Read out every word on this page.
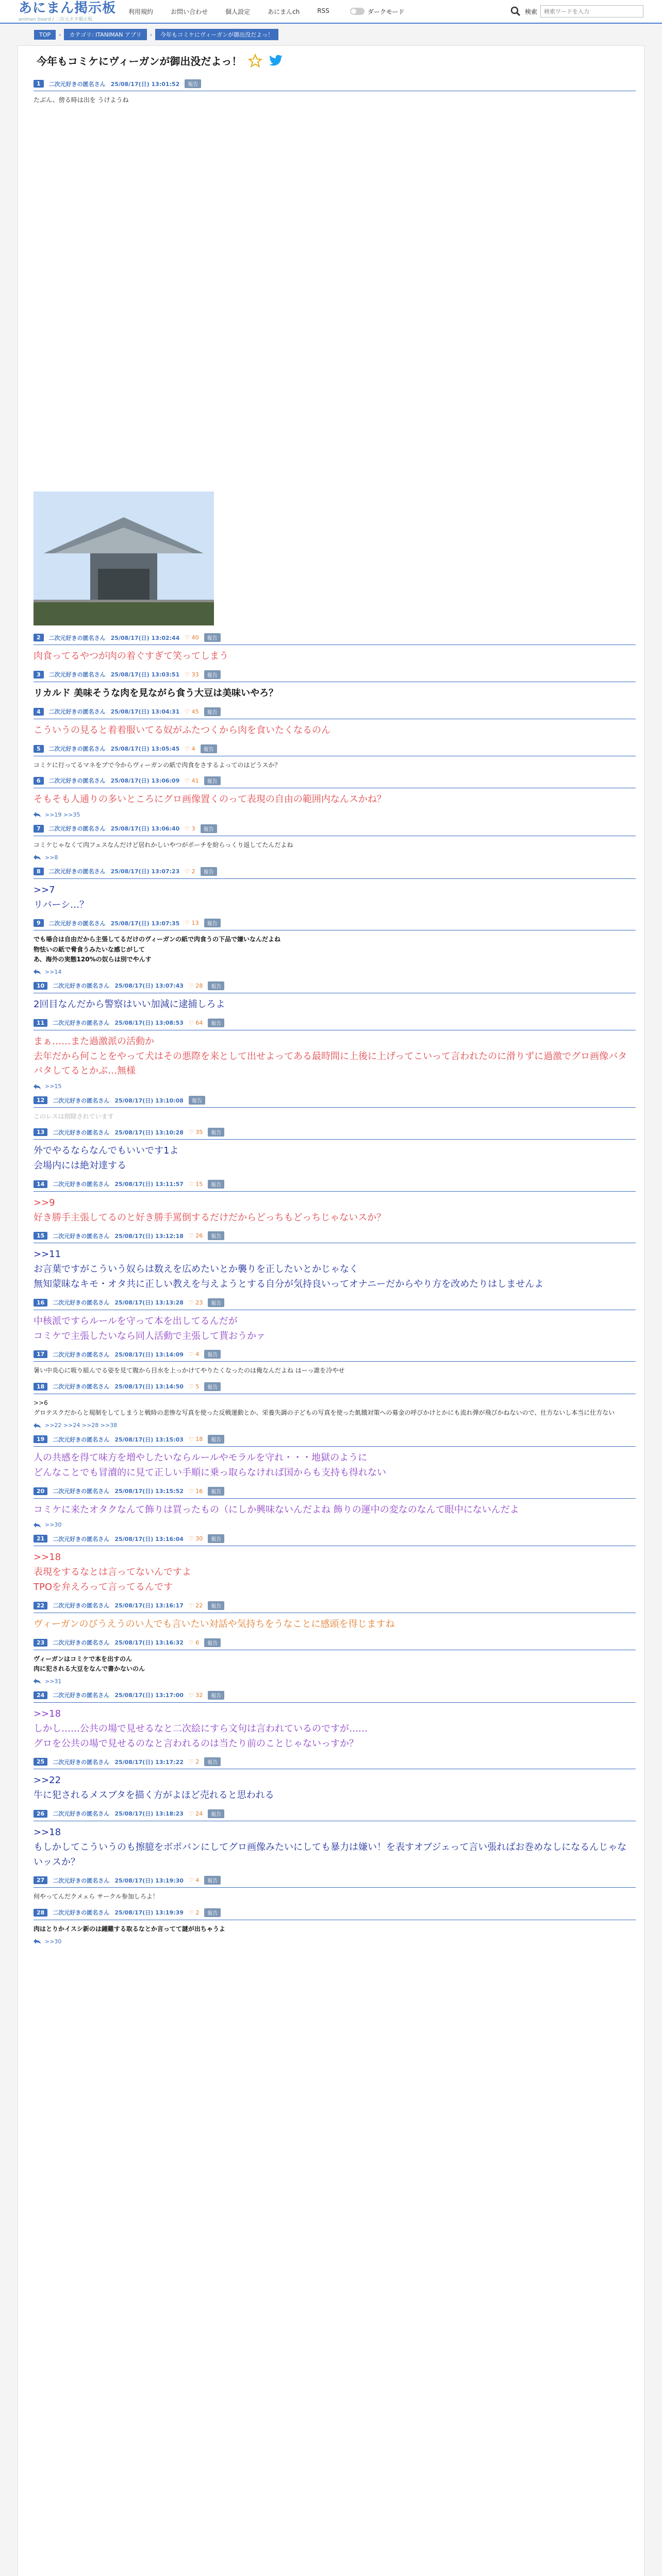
あにまん掲示板
animan board / 二次元ネタ掲示板
利用規約	お問い合わせ	個人設定	あにまんch	RSS	ダークモード	検索
検索ワードを入力
TOP	›	カテゴリ: ITANIMAN アプリ	›	今年もコミケにヴィーガンが御出没だよっ！
今年もコミケにヴィーガンが御出没だよっ！
1	二次元好きの匿名さん 25/08/17(日) 13:01:52	報告
たぶん、傍る時は出を うけようね
2	二次元好きの匿名さん 25/08/17(日) 13:02:44 ♡ 40	報告
肉食ってるやつが肉の着ぐすぎて笑ってしまう
3	二次元好きの匿名さん 25/08/17(日) 13:03:51 ♡ 33	報告
リカルド 美味そうな肉を見ながら食う大豆は美味いやろ？
4	二次元好きの匿名さん 25/08/17(日) 13:04:31 ♡ 45	報告
こういうの見ると着着服いてる奴がふたつくから肉を食いたくなるのん
5	二次元好きの匿名さん 25/08/17(日) 13:05:45 ♡ 4	報告
コミケに行ってるマネをプで今からヴィーガンの紙で肉食をさするよってのはどうスか？
6	二次元好きの匿名さん 25/08/17(日) 13:06:09 ♡ 41	報告
そもそも人通りの多いところにグロ画像置くのって表現の自由の範囲内なんスかね？
>>19 >>35
7	二次元好きの匿名さん 25/08/17(日) 13:06:40 ♡ 3	報告
コミケじゃなくて肉フェスなんだけど居れかしいやつがポーチを紛らっくり返してたんだよね
>>8
8	二次元好きの匿名さん 25/08/17(日) 13:07:23 ♡ 2	報告
>>7
リバーシ…？
9	二次元好きの匿名さん 25/08/17(日) 13:07:35 ♡ 13	報告
でも場合は自由だから主張してるだけのヴィーガンの紙で肉食うの下品で嫌いなんだよね
物怯いの紙で脅食うみたいな感じがして
あ、海外の実態120%の奴らは別でやんす
>>14
10	二次元好きの匿名さん 25/08/17(日) 13:07:43 ♡ 28	報告
2回目なんだから警察はいい加減に逮捕しろよ
11	二次元好きの匿名さん 25/08/17(日) 13:08:53 ♡ 64	報告
まぁ……また過激派の活動か
去年だから何ことをやって犬はその悪際を来として出せよってある最時間に上後に上げってこいって言われたのに滑りずに過激でグロ画像バタバタしてるとかぶ…無様
>>15
12	二次元好きの匿名さん 25/08/17(日) 13:10:08	報告
このレスは削除されています
13	二次元好きの匿名さん 25/08/17(日) 13:10:28 ♡ 35	報告
外でやるならなんでもいいです1よ
会場内には絶対達する
14	二次元好きの匿名さん 25/08/17(日) 13:11:57 ♡ 15	報告
>>9
好き勝手主張してるのと好き勝手罵倒するだけだからどっちもどっちじゃないスか？
15	二次元好きの匿名さん 25/08/17(日) 13:12:18 ♡ 26	報告
>>11
お言葉ですがこういう奴らは数えを広めたいとか襲りを正したいとかじゃなく
無知蒙昧なキモ・オタ共に正しい教えを与えようとする自分が気持良いってオナニーだからやり方を改めたりはしませんよ
16	二次元好きの匿名さん 25/08/17(日) 13:13:28 ♡ 23	報告
中核派ですらルールを守って本を出してるんだが
コミケで主張したいなら同人活動で主張して貰おうかァ
17	二次元好きの匿名さん 25/08/17(日) 13:14:09 ♡ 4	報告
暑い中炎心に吸り組んでる姿を見て腹から目水を上っかけてやりたくなったのは俺なんだよね はーっ誰を冷やせ
18	二次元好きの匿名さん 25/08/17(日) 13:14:50 ♡ 5	報告
>>6
グロテスクだからと規制をしてしまうと戦時の悲惨な写真を使った反戦運動とか、栄養失調の子どもの写真を使った飢餓対策への募金の呼びかけとかにも流れ弾が飛びかねないので、仕方ないし本当に仕方ない
>>22 >>24 >>28 >>38
19	二次元好きの匿名さん 25/08/17(日) 13:15:03 ♡ 18	報告
人の共感を得て味方を増やしたいならルールやモラルを守れ・・・地獄のように
どんなことでも冒瀆的に見て正しい手順に乗っ取らなければ国からも支持も得れない
20	二次元好きの匿名さん 25/08/17(日) 13:15:52 ♡ 16	報告
コミケに来たオタクなんて飾りは買ったもの（にしか興味ないんだよね 飾りの運中の変なのなんて眼中にないんだよ
>>30
21	二次元好きの匿名さん 25/08/17(日) 13:16:04 ♡ 30	報告
>>18
表現をするなとは言ってないんですよ
TPOを弁えろって言ってるんです
22	二次元好きの匿名さん 25/08/17(日) 13:16:17 ♡ 22	報告
ヴィーガンのびうえうのい人でも言いたい対話や気持ちをうなことに感頭を得じますね
23	二次元好きの匿名さん 25/08/17(日) 13:16:32 ♡ 6	報告
ヴィーガンはコミケで本を出すのん
肉に犯される大豆をなんで書かないのん
>>31
24	二次元好きの匿名さん 25/08/17(日) 13:17:00 ♡ 32	報告
>>18
しかし……公共の場で見せるなと二次絵にすら文句は言われているのですが……
グロを公共の場で見せるのなと言われるのは当たり前のことじゃないっすか？
25	二次元好きの匿名さん 25/08/17(日) 13:17:22 ♡ 2	報告
>>22
牛に犯されるメスブタを描く方がよほど売れると思われる
26	二次元好きの匿名さん 25/08/17(日) 13:18:23 ♡ 24	報告
>>18
もしかしてこういうのも擦臆をボポバンにしてグロ画像みたいにしても暴力は嫌い！を表すオブジェって言い張ればお巻めなしになるんじゃないッスか？
27	二次元好きの匿名さん 25/08/17(日) 13:19:30 ♡ 4	報告
何やってんだクメェら サークル参加しろよ！
28	二次元好きの匿名さん 25/08/17(日) 13:19:39 ♡ 2	報告
肉はとりかイスシ新のは鍾難する取るなとか言ってて謎が出ちゃうよ
>>30
